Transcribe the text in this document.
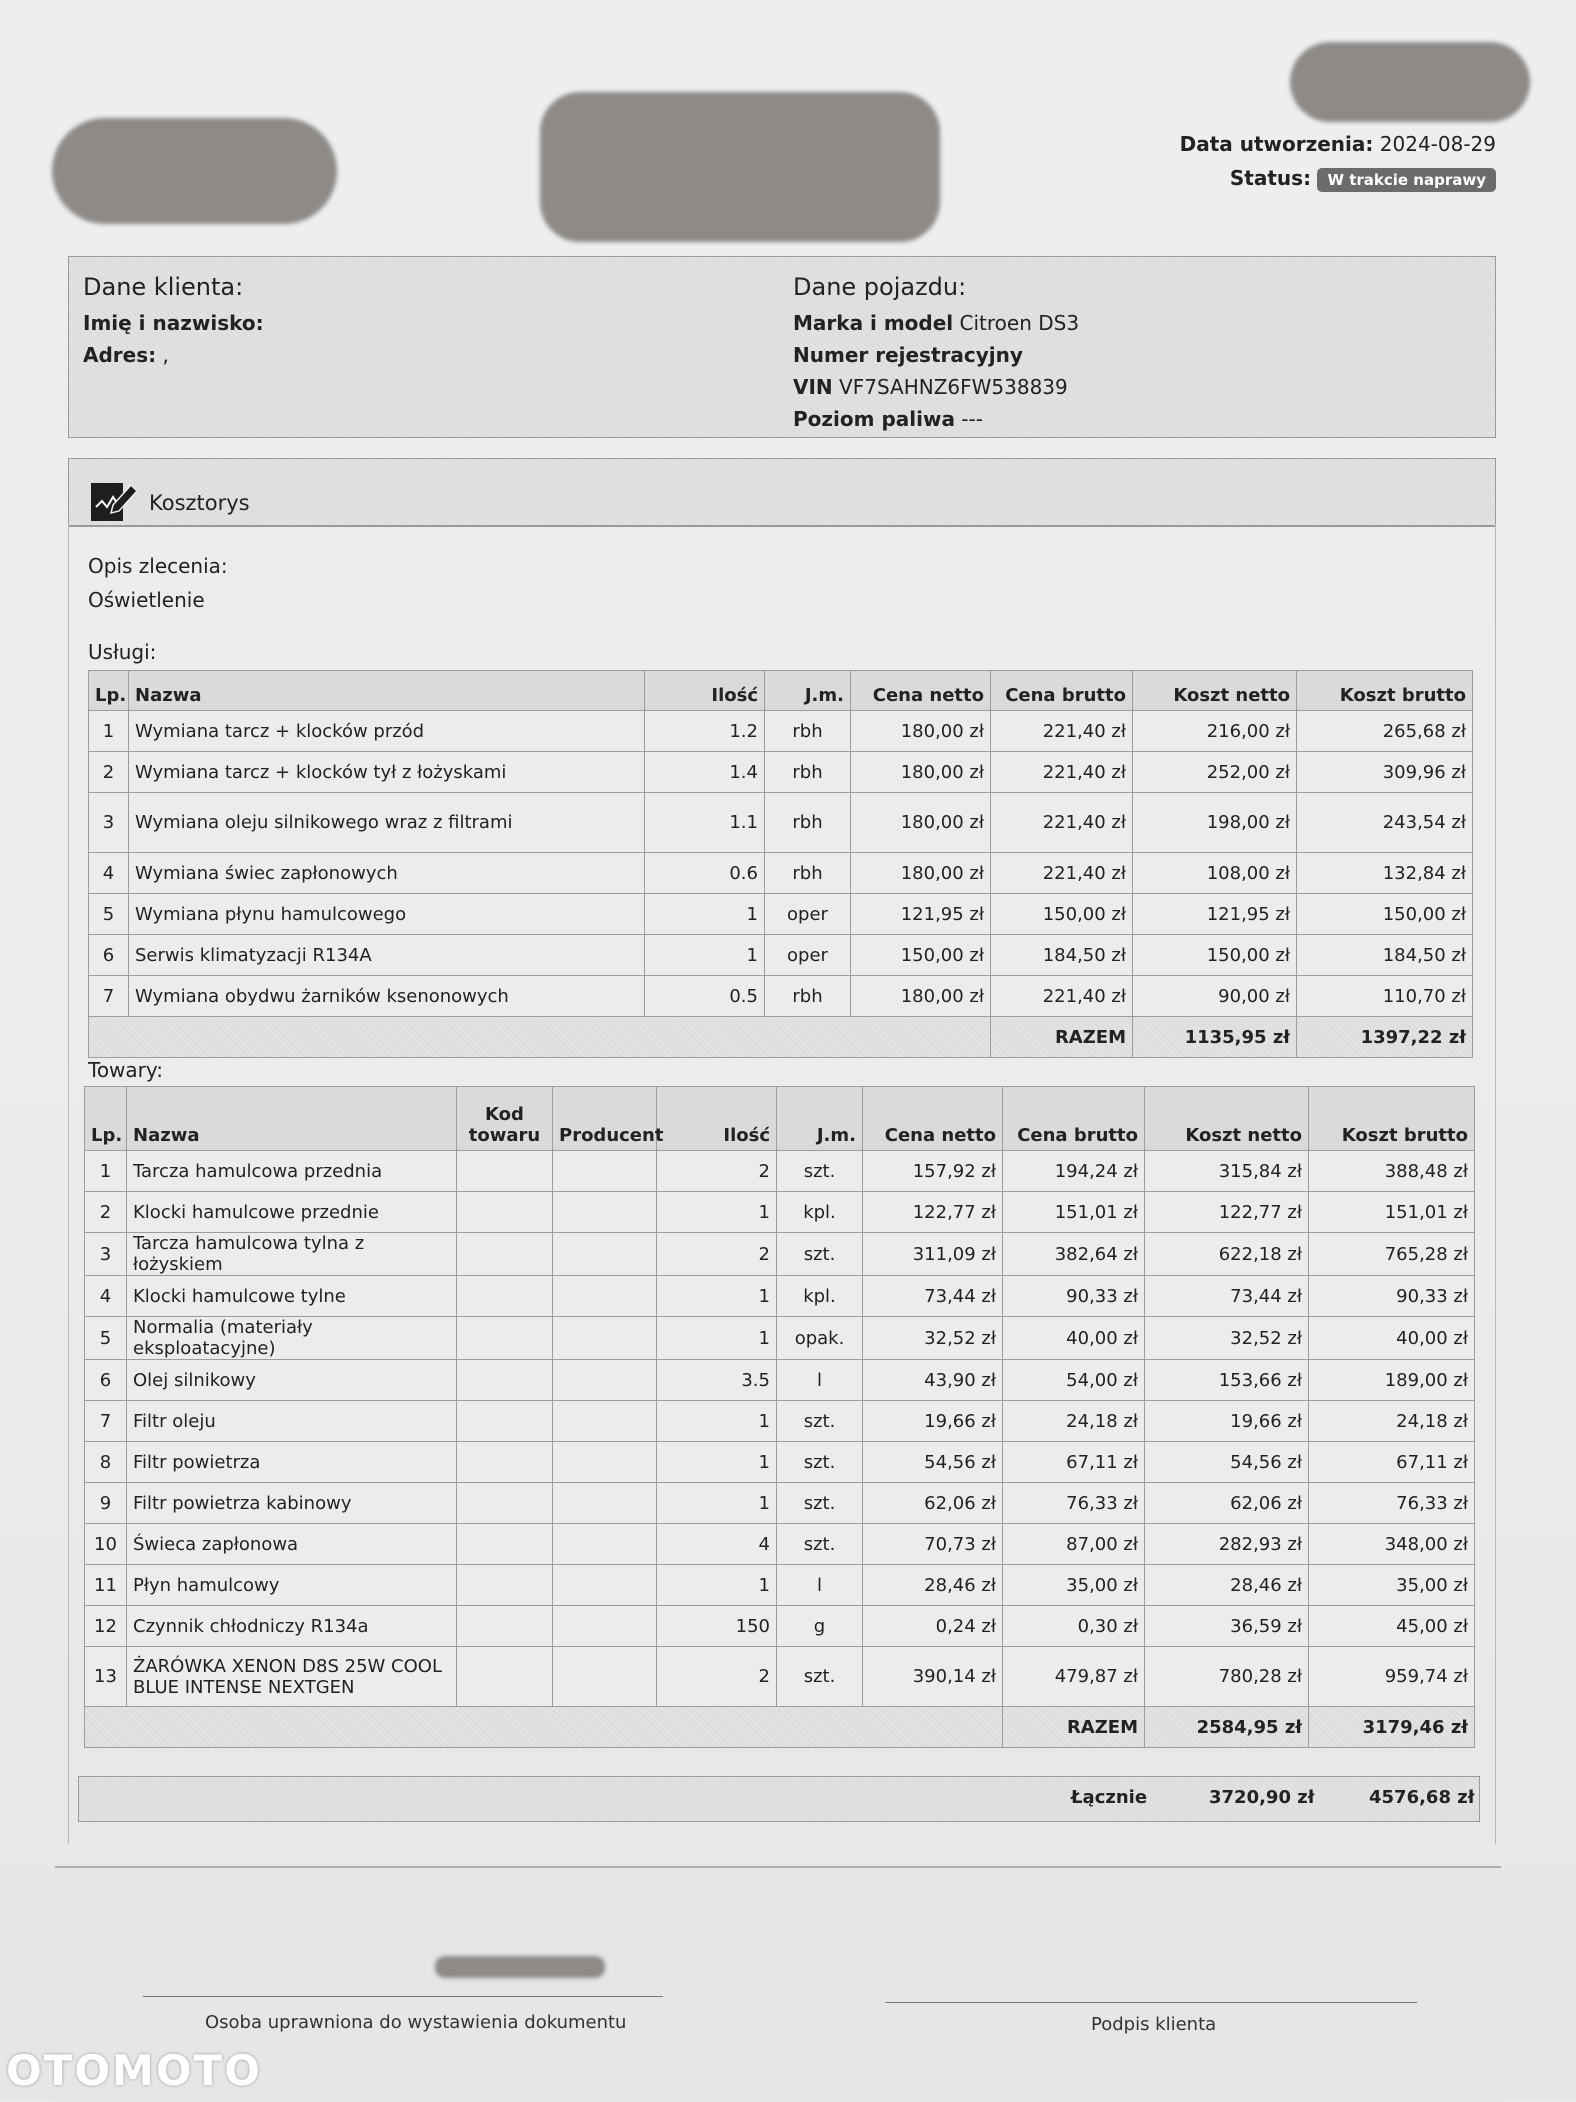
Data utworzenia: 2024-08-29
Status: W trakcie naprawy
Dane klienta:
Imię i nazwisko:
Adres: ,
Dane pojazdu:
Marka i model Citroen DS3
Numer rejestracyjny
VIN VF7SAHNZ6FW538839
Poziom paliwa ---
Kosztorys
Opis zlecenia:
Oświetlenie
Usługi:
Lp.	Nazwa	Ilość	J.m.	Cena netto	Cena brutto	Koszt netto	Koszt brutto
1	Wymiana tarcz + klocków przód	1.2	rbh	180,00 zł	221,40 zł	216,00 zł	265,68 zł
2	Wymiana tarcz + klocków tył z łożyskami	1.4	rbh	180,00 zł	221,40 zł	252,00 zł	309,96 zł
3	Wymiana oleju silnikowego wraz z filtrami	1.1	rbh	180,00 zł	221,40 zł	198,00 zł	243,54 zł
4	Wymiana świec zapłonowych	0.6	rbh	180,00 zł	221,40 zł	108,00 zł	132,84 zł
5	Wymiana płynu hamulcowego	1	oper	121,95 zł	150,00 zł	121,95 zł	150,00 zł
6	Serwis klimatyzacji R134A	1	oper	150,00 zł	184,50 zł	150,00 zł	184,50 zł
7	Wymiana obydwu żarników ksenonowych	0.5	rbh	180,00 zł	221,40 zł	90,00 zł	110,70 zł
					RAZEM	1135,95 zł	1397,22 zł
Towary:
Lp.	Nazwa	Kod towaru	Producent	Ilość	J.m.	Cena netto	Cena brutto	Koszt netto	Koszt brutto
1	Tarcza hamulcowa przednia			2	szt.	157,92 zł	194,24 zł	315,84 zł	388,48 zł
2	Klocki hamulcowe przednie			1	kpl.	122,77 zł	151,01 zł	122,77 zł	151,01 zł
3	Tarcza hamulcowa tylna z łożyskiem			2	szt.	311,09 zł	382,64 zł	622,18 zł	765,28 zł
4	Klocki hamulcowe tylne			1	kpl.	73,44 zł	90,33 zł	73,44 zł	90,33 zł
5	Normalia (materiały eksploatacyjne)			1	opak.	32,52 zł	40,00 zł	32,52 zł	40,00 zł
6	Olej silnikowy			3.5	l	43,90 zł	54,00 zł	153,66 zł	189,00 zł
7	Filtr oleju			1	szt.	19,66 zł	24,18 zł	19,66 zł	24,18 zł
8	Filtr powietrza			1	szt.	54,56 zł	67,11 zł	54,56 zł	67,11 zł
9	Filtr powietrza kabinowy			1	szt.	62,06 zł	76,33 zł	62,06 zł	76,33 zł
10	Świeca zapłonowa			4	szt.	70,73 zł	87,00 zł	282,93 zł	348,00 zł
11	Płyn hamulcowy			1	l	28,46 zł	35,00 zł	28,46 zł	35,00 zł
12	Czynnik chłodniczy R134a			150	g	0,24 zł	0,30 zł	36,59 zł	45,00 zł
13	ŻARÓWKA XENON D8S 25W COOL BLUE INTENSE NEXTGEN			2	szt.	390,14 zł	479,87 zł	780,28 zł	959,74 zł
							RAZEM	2584,95 zł	3179,46 zł
Łącznie	3720,90 zł	4576,68 zł
Osoba uprawniona do wystawienia dokumentu	Podpis klienta
OTOMOTO
